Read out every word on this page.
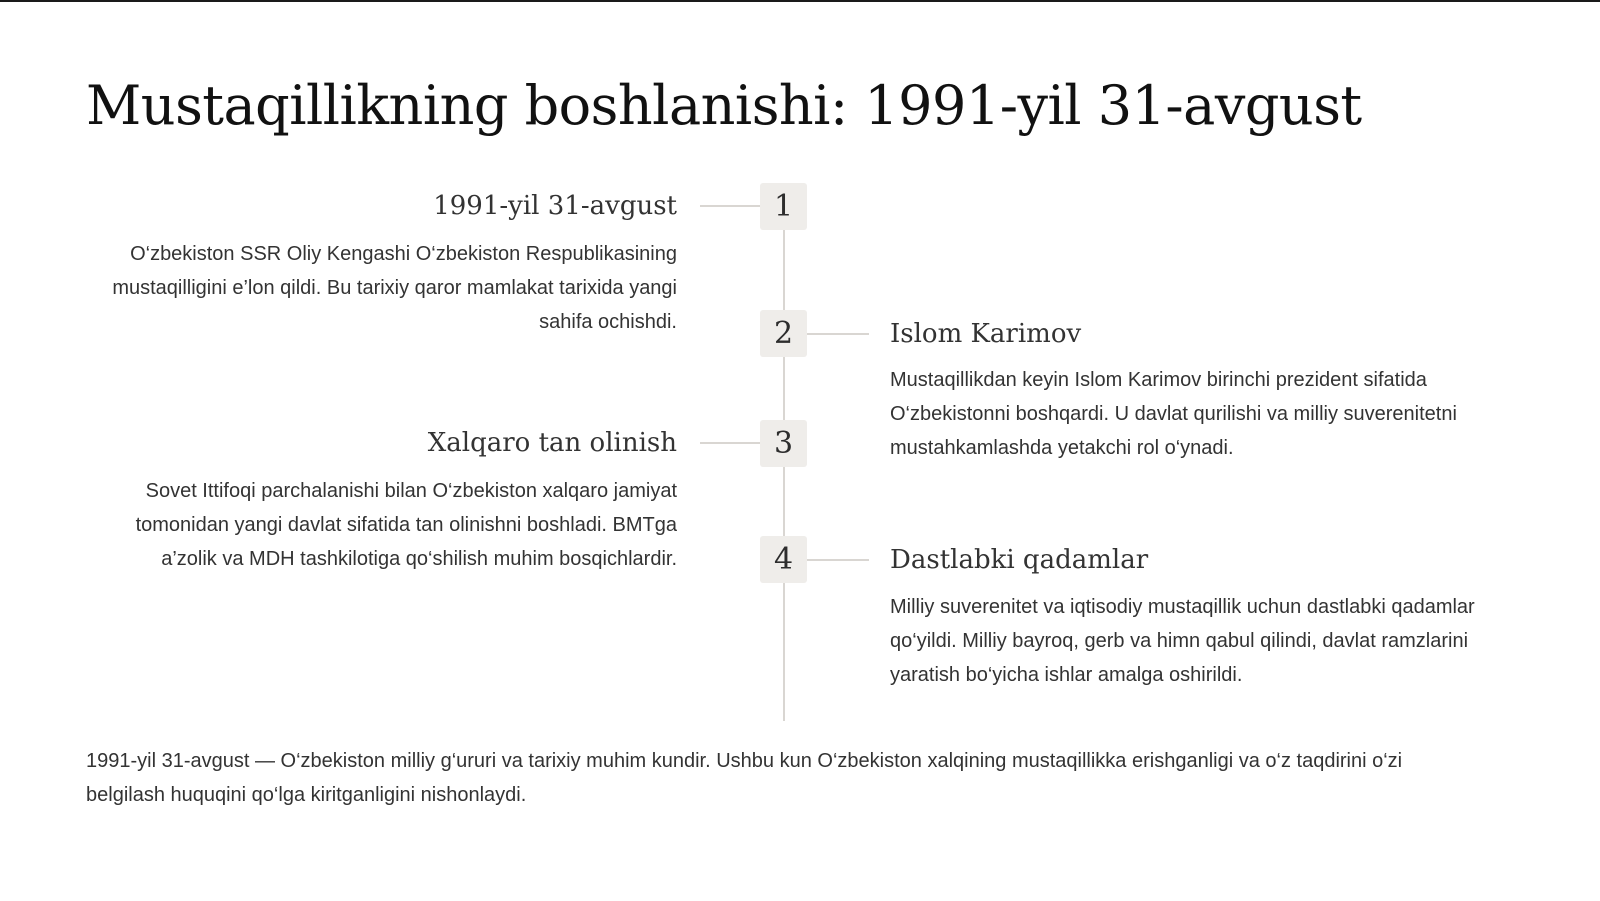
Mustaqillikning boshlanishi: 1991-yil 31-avgust
1
1991-yil 31-avgust

O‘zbekiston SSR Oliy Kengashi O‘zbekiston Respublikasining mustaqilligini e’lon qildi. Bu tarixiy qaror mamlakat tarixida yangi sahifa ochishdi.	2	Islom Karimov

Mustaqillikdan keyin Islom Karimov birinchi prezident sifatida O‘zbekistonni boshqardi. U davlat qurilishi va milliy suverenitetni mustahkamlashda yetakchi rol o‘ynadi.

3
Xalqaro tan olinish

Sovet Ittifoqi parchalanishi bilan O‘zbekiston xalqaro jamiyat tomonidan yangi davlat sifatida tan olinishni boshladi. BMTga a’zolik va MDH tashkilotiga qo‘shilish muhim bosqichlardir.	4	Dastlabki qadamlar

Milliy suverenitet va iqtisodiy mustaqillik uchun dastlabki qadamlar qo‘yildi. Milliy bayroq, gerb va himn qabul qilindi, davlat ramzlarini yaratish bo‘yicha ishlar amalga oshirildi.

1991-yil 31-avgust — O‘zbekiston milliy g‘ururi va tarixiy muhim kundir. Ushbu kun O‘zbekiston xalqining mustaqillikka erishganligi va o‘z taqdirini o‘zi belgilash huquqini qo‘lga kiritganligini nishonlaydi.
